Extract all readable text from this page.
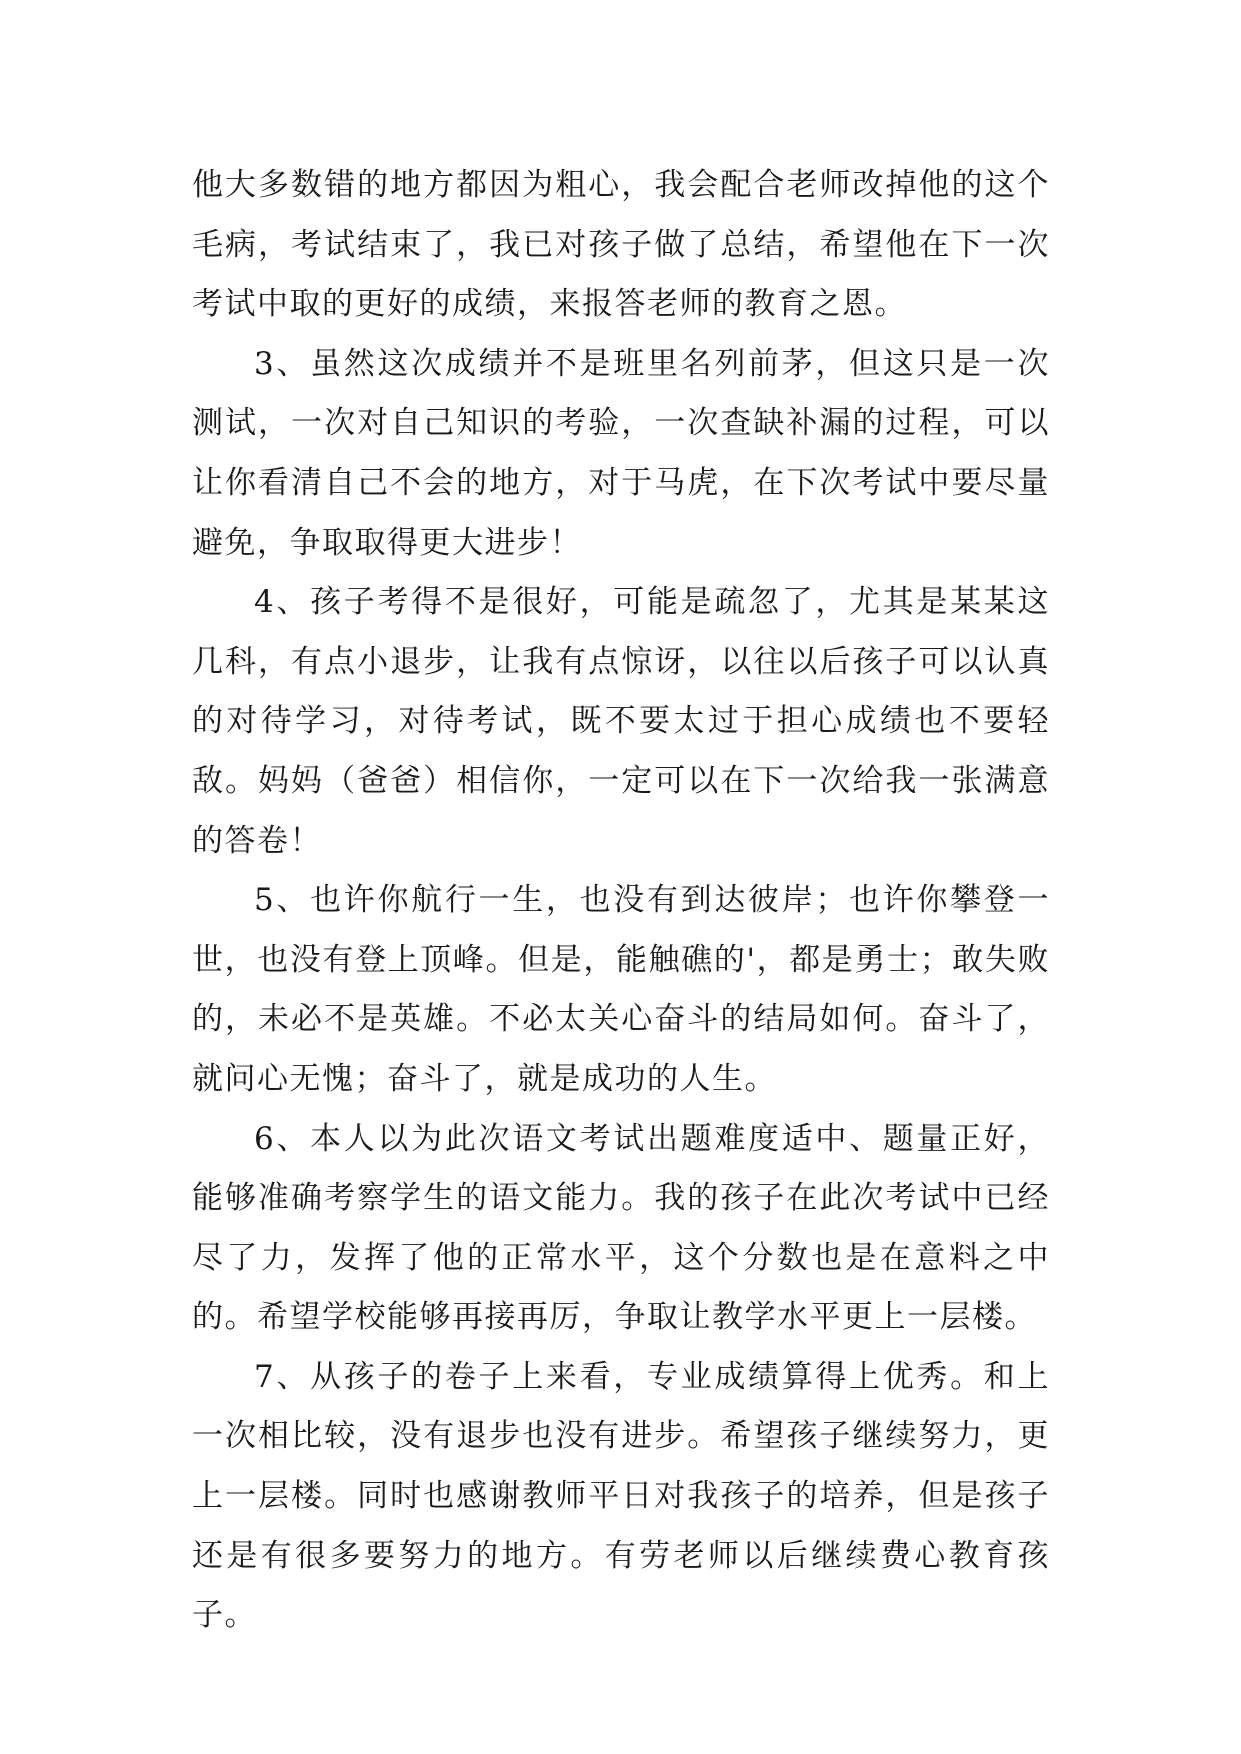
他大多数错的地方都因为粗心，我会配合老师改掉他的这个毛病，考试结束了，我已对孩子做了总结，希望他在下一次考试中取的更好的成绩，来报答老师的教育之恩。

3、虽然这次成绩并不是班里名列前茅，但这只是一次测试，一次对自己知识的考验，一次查缺补漏的过程，可以让你看清自己不会的地方，对于马虎，在下次考试中要尽量避免，争取取得更大进步！

4、孩子考得不是很好，可能是疏忽了，尤其是某某这几科，有点小退步，让我有点惊讶，以往以后孩子可以认真的对待学习，对待考试，既不要太过于担心成绩也不要轻敌。妈妈（爸爸）相信你，一定可以在下一次给我一张满意的答卷！

5、也许你航行一生，也没有到达彼岸；也许你攀登一世，也没有登上顶峰。但是，能触礁的'，都是勇士；敢失败的，未必不是英雄。不必太关心奋斗的结局如何。奋斗了，就问心无愧；奋斗了，就是成功的人生。

6、本人以为此次语文考试出题难度适中、题量正好，能够准确考察学生的语文能力。我的孩子在此次考试中已经尽了力，发挥了他的正常水平，这个分数也是在意料之中的。希望学校能够再接再厉，争取让教学水平更上一层楼。

7、从孩子的卷子上来看，专业成绩算得上优秀。和上一次相比较，没有退步也没有进步。希望孩子继续努力，更上一层楼。同时也感谢教师平日对我孩子的培养，但是孩子还是有很多要努力的地方。有劳老师以后继续费心教育孩子。
